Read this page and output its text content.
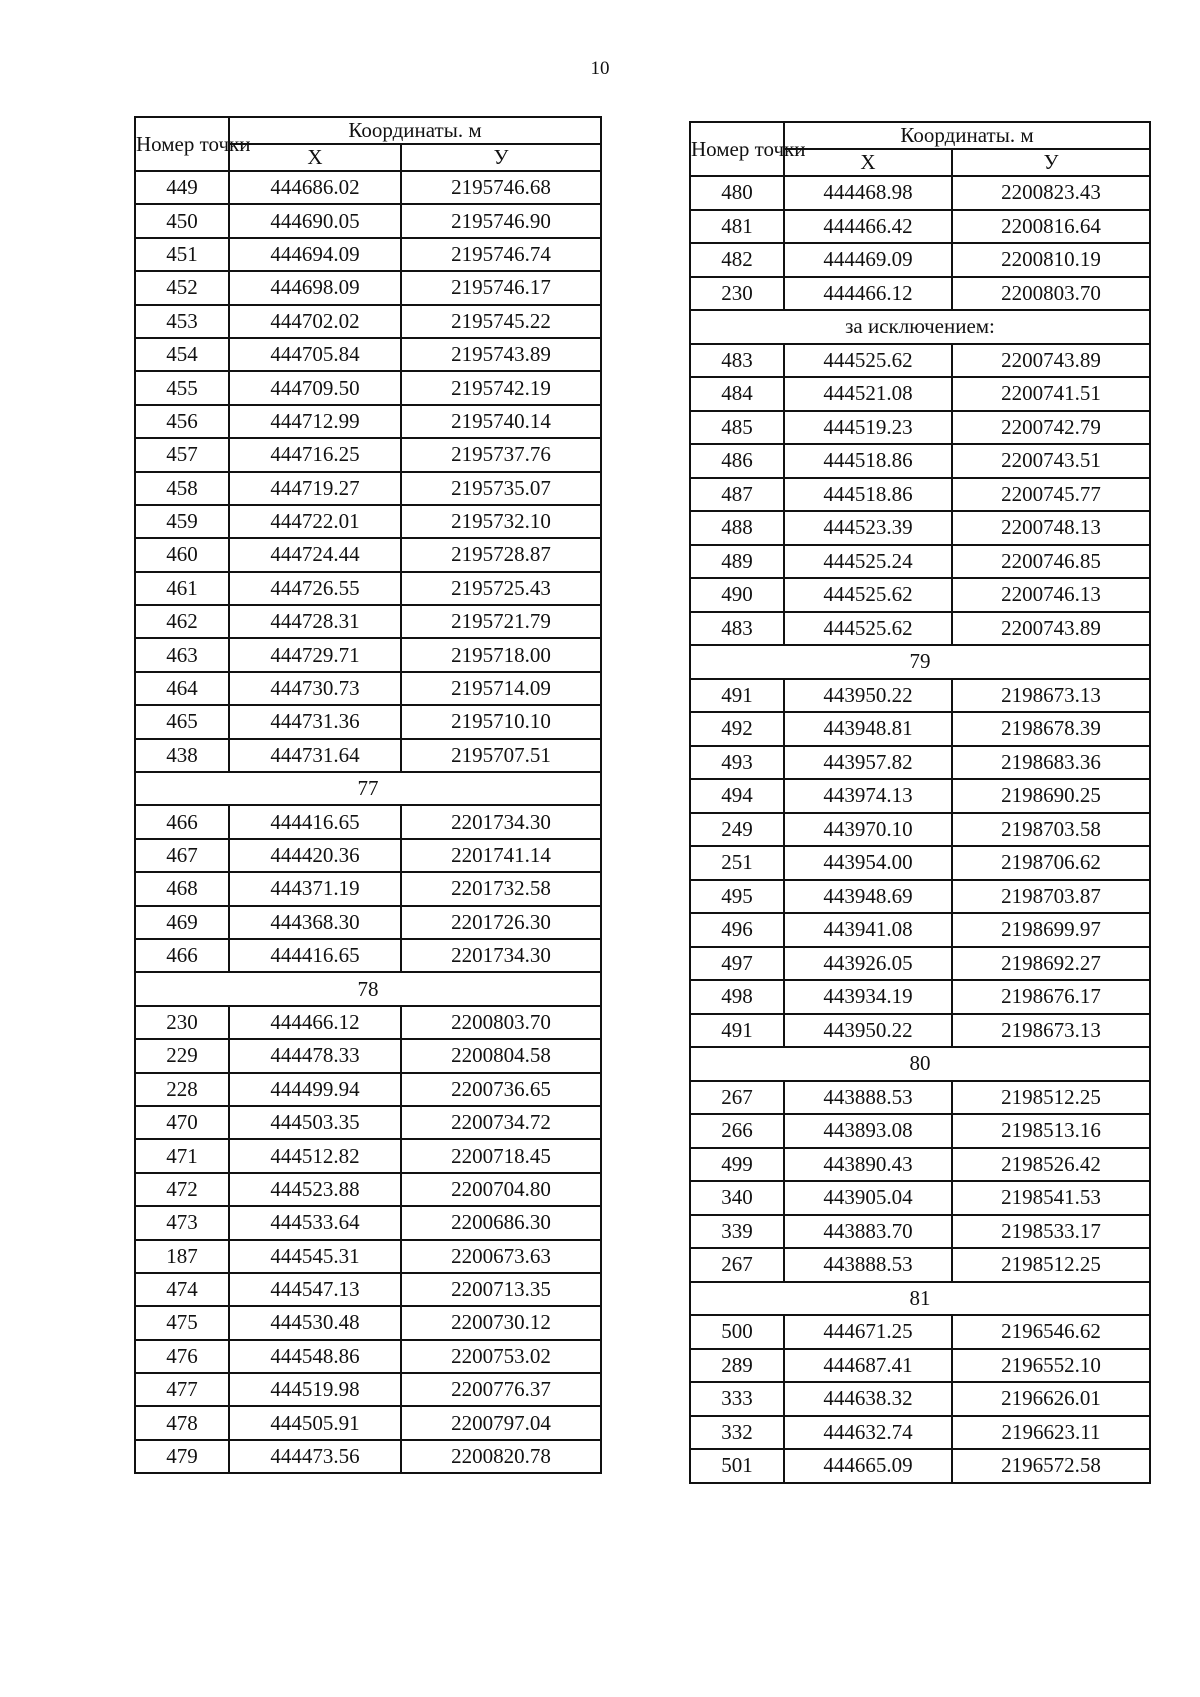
10
Номер точки	Координаты. м	
	X	У
449	444686.02	2195746.68
450	444690.05	2195746.90
451	444694.09	2195746.74
452	444698.09	2195746.17
453	444702.02	2195745.22
454	444705.84	2195743.89
455	444709.50	2195742.19
456	444712.99	2195740.14
457	444716.25	2195737.76
458	444719.27	2195735.07
459	444722.01	2195732.10
460	444724.44	2195728.87
461	444726.55	2195725.43
462	444728.31	2195721.79
463	444729.71	2195718.00
464	444730.73	2195714.09
465	444731.36	2195710.10
438	444731.64	2195707.51
77		
466	444416.65	2201734.30
467	444420.36	2201741.14
468	444371.19	2201732.58
469	444368.30	2201726.30
466	444416.65	2201734.30
78		
230	444466.12	2200803.70
229	444478.33	2200804.58
228	444499.94	2200736.65
470	444503.35	2200734.72
471	444512.82	2200718.45
472	444523.88	2200704.80
473	444533.64	2200686.30
187	444545.31	2200673.63
474	444547.13	2200713.35
475	444530.48	2200730.12
476	444548.86	2200753.02
477	444519.98	2200776.37
478	444505.91	2200797.04
479	444473.56	2200820.78
Номер точки	Координаты. м	
	X	У
480	444468.98	2200823.43
481	444466.42	2200816.64
482	444469.09	2200810.19
230	444466.12	2200803.70
за исключением:		
483	444525.62	2200743.89
484	444521.08	2200741.51
485	444519.23	2200742.79
486	444518.86	2200743.51
487	444518.86	2200745.77
488	444523.39	2200748.13
489	444525.24	2200746.85
490	444525.62	2200746.13
483	444525.62	2200743.89
79		
491	443950.22	2198673.13
492	443948.81	2198678.39
493	443957.82	2198683.36
494	443974.13	2198690.25
249	443970.10	2198703.58
251	443954.00	2198706.62
495	443948.69	2198703.87
496	443941.08	2198699.97
497	443926.05	2198692.27
498	443934.19	2198676.17
491	443950.22	2198673.13
80		
267	443888.53	2198512.25
266	443893.08	2198513.16
499	443890.43	2198526.42
340	443905.04	2198541.53
339	443883.70	2198533.17
267	443888.53	2198512.25
81		
500	444671.25	2196546.62
289	444687.41	2196552.10
333	444638.32	2196626.01
332	444632.74	2196623.11
501	444665.09	2196572.58
